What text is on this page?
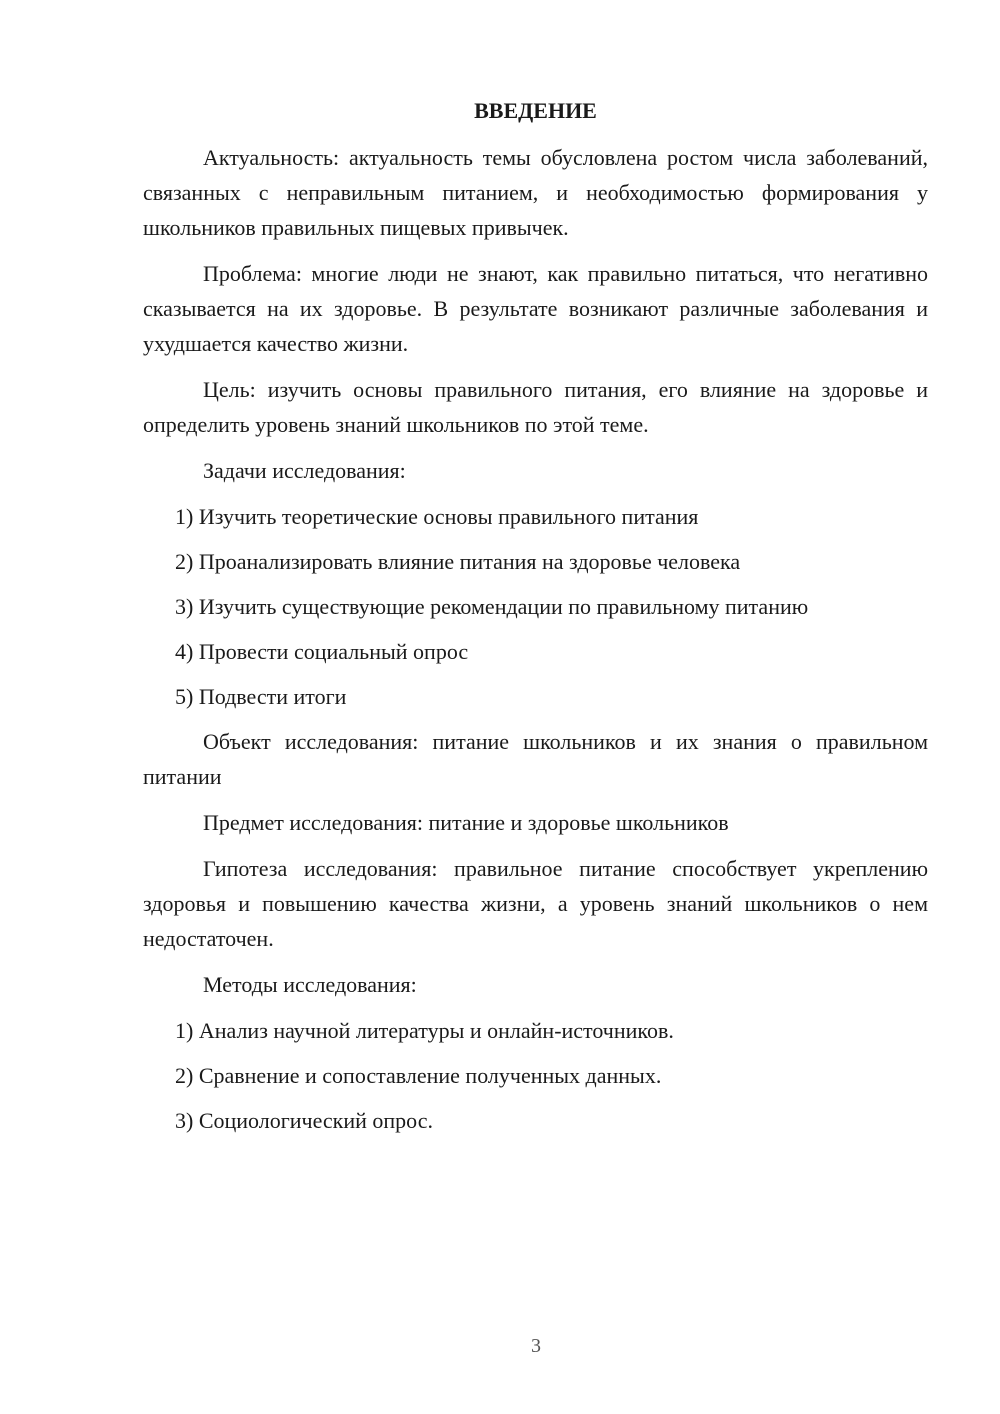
ВВЕДЕНИЕ

Актуальность: актуальность темы обусловлена ростом числа заболеваний, связанных с неправильным питанием, и необходимостью формирования у школьников правильных пищевых привычек.

Проблема: многие люди не знают, как правильно питаться, что негативно сказывается на их здоровье. В результате возникают различные заболевания и ухудшается качество жизни.

Цель: изучить основы правильного питания, его влияние на здоровье и определить уровень знаний школьников по этой теме.

Задачи исследования:

1) Изучить теоретические основы правильного питания
2) Проанализировать влияние питания на здоровье человека
3) Изучить существующие рекомендации по правильному питанию
4) Провести социальный опрос
5) Подвести итоги

Объект исследования: питание школьников и их знания о правильном питании

Предмет исследования: питание и здоровье школьников

Гипотеза исследования: правильное питание способствует укреплению здоровья и повышению качества жизни, а уровень знаний школьников о нем недостаточен.

Методы исследования:

1) Анализ научной литературы и онлайн-источников.
2) Сравнение и сопоставление полученных данных.
3) Социологический опрос.
3
